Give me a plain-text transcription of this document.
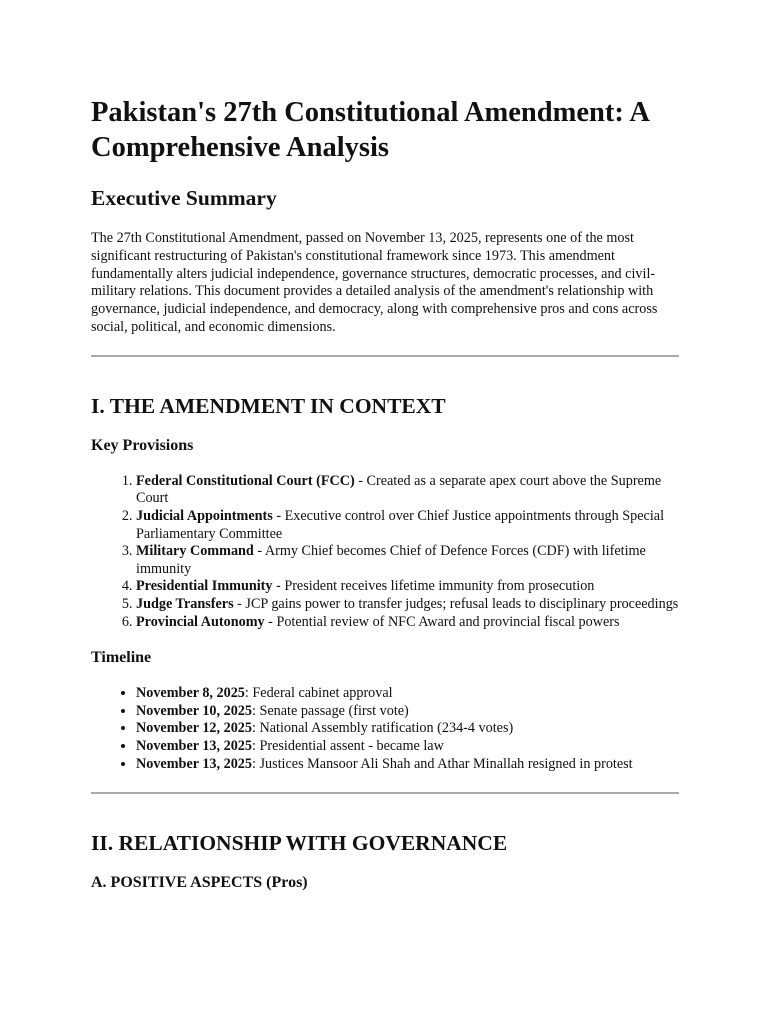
Pakistan's 27th Constitutional Amendment: A Comprehensive Analysis
Executive Summary

The 27th Constitutional Amendment, passed on November 13, 2025, represents one of the most significant restructuring of Pakistan's constitutional framework since 1973. This amendment fundamentally alters judicial independence, governance structures, democratic processes, and civil-military relations. This document provides a detailed analysis of the amendment's relationship with governance, judicial independence, and democracy, along with comprehensive pros and cons across social, political, and economic dimensions.

I. THE AMENDMENT IN CONTEXT
Key Provisions
1. Federal Constitutional Court (FCC) - Created as a separate apex court above the Supreme Court
2. Judicial Appointments - Executive control over Chief Justice appointments through Special Parliamentary Committee
3. Military Command - Army Chief becomes Chief of Defence Forces (CDF) with lifetime immunity
4. Presidential Immunity - President receives lifetime immunity from prosecution
5. Judge Transfers - JCP gains power to transfer judges; refusal leads to disciplinary proceedings
6. Provincial Autonomy - Potential review of NFC Award and provincial fiscal powers
Timeline
• November 8, 2025: Federal cabinet approval
• November 10, 2025: Senate passage (first vote)
• November 12, 2025: National Assembly ratification (234-4 votes)
• November 13, 2025: Presidential assent - became law
• November 13, 2025: Justices Mansoor Ali Shah and Athar Minallah resigned in protest
II. RELATIONSHIP WITH GOVERNANCE
A. POSITIVE ASPECTS (Pros)
